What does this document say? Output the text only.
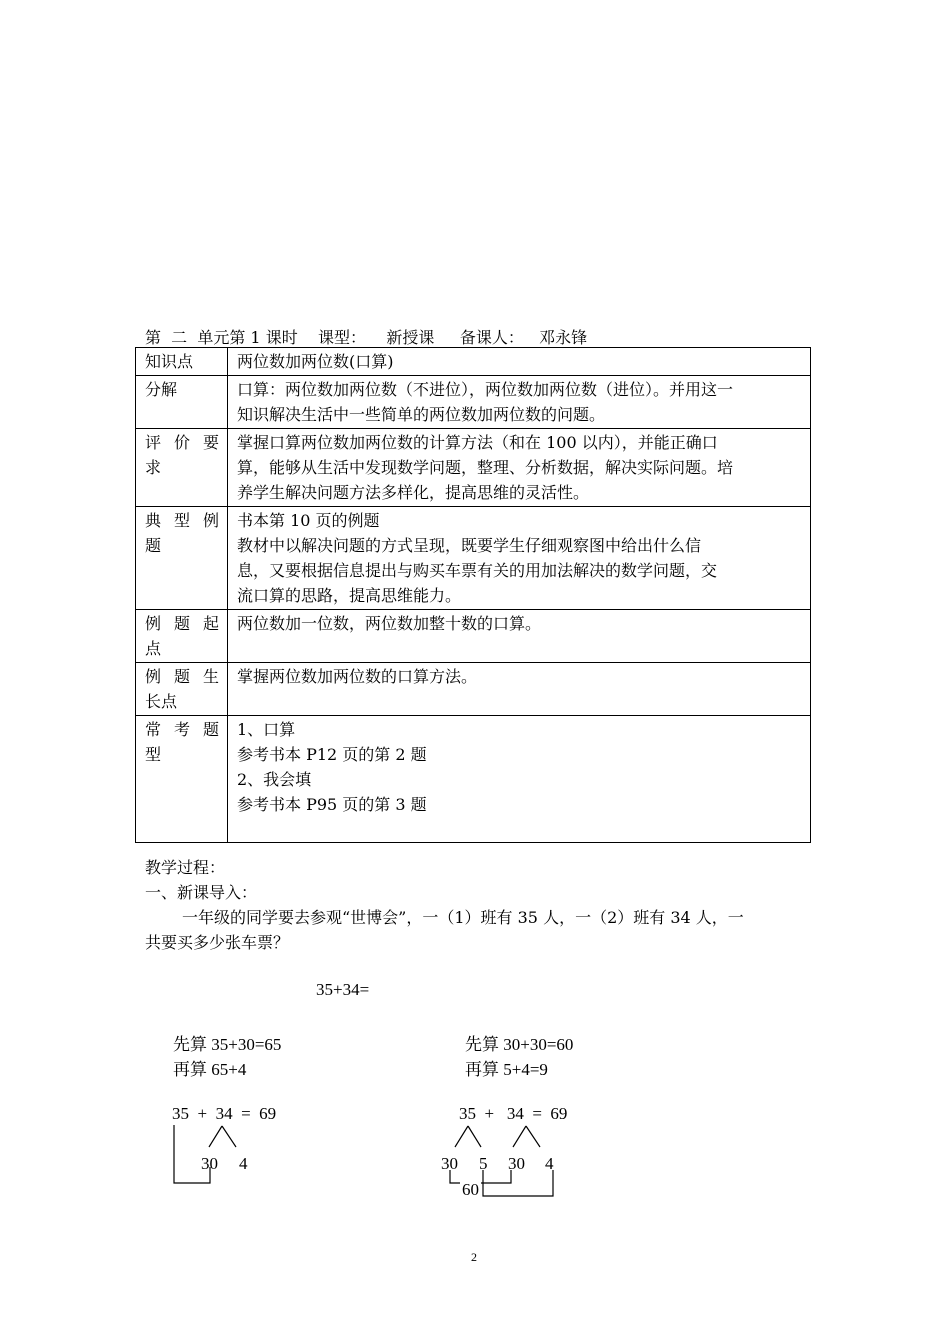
第  二  单元第 1 课时    课型：    新授课     备课人：   邓永锋
知识点	两位数加两位数(口算)

分解	口算：两位数加两位数（不进位），两位数加两位数（进位）。并用这一
知识解决生活中一些简单的两位数加两位数的问题。

评 价 要
求	掌握口算两位数加两位数的计算方法（和在 100 以内），并能正确口
算，能够从生活中发现数学问题，整理、分析数据，解决实际问题。培
养学生解决问题方法多样化，提高思维的灵活性。

典 型 例
题	书本第 10 页的例题
教材中以解决问题的方式呈现，既要学生仔细观察图中给出什么信
息，又要根据信息提出与购买车票有关的用加法解决的数学问题，交
流口算的思路，提高思维能力。

例 题 起
点	两位数加一位数，两位数加整十数的口算。

例 题 生
长点	掌握两位数加两位数的口算方法。

常 考 题
型	1、口算
参考书本 P12 页的第 2 题
2、我会填
参考书本 P95 页的第 3 题
教学过程：
一、新课导入：
一年级的同学要去参观“世博会”，一（1）班有 35 人，一（2）班有 34 人，一
共要买多少张车票？
35+34=
先算 35+30=65
再算 65+4
先算 30+30=60
再算 5+4=9
35  +  34  =  69	35  +   34  =  69
30 4	30 5 30 4
60
2
